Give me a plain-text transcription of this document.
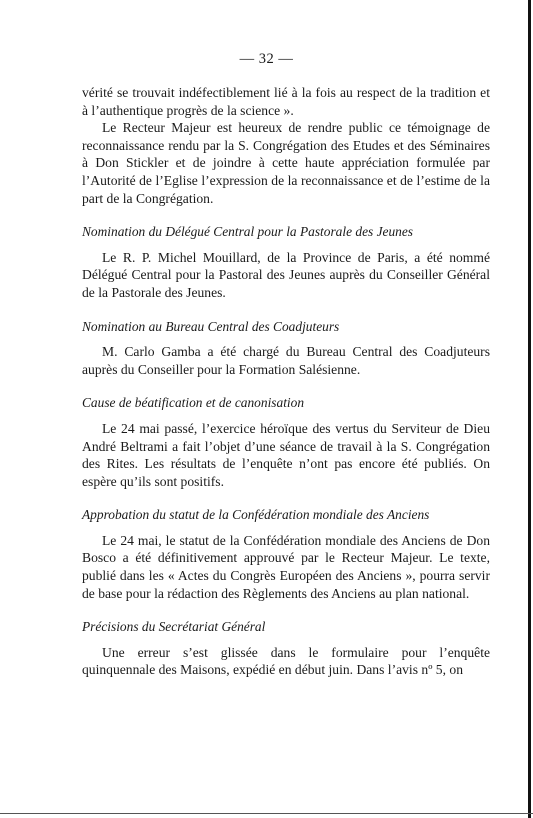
— 32 —

vérité se trouvait indéfectiblement lié à la fois au respect de la tradition et à l’authentique progrès de la science ».

Le Recteur Majeur est heureux de rendre public ce témoignage de reconnaissance rendu par la S. Congrégation des Etudes et des Séminaires à Don Stickler et de joindre à cette haute appréciation formulée par l’Autorité de l’Eglise l’expression de la reconnaissance et de l’estime de la part de la Congrégation.

Nomination du Délégué Central pour la Pastorale des Jeunes

Le R. P. Michel Mouillard, de la Province de Paris, a été nommé Délégué Central pour la Pastoral des Jeunes auprès du Conseiller Général de la Pastorale des Jeunes.

Nomination au Bureau Central des Coadjuteurs

M. Carlo Gamba a été chargé du Bureau Central des Coadjuteurs auprès du Conseiller pour la Formation Salésienne.

Cause de béatification et de canonisation

Le 24 mai passé, l’exercice héroïque des vertus du Serviteur de Dieu André Beltrami a fait l’objet d’une séance de travail à la S. Congrégation des Rites. Les résultats de l’enquête n’ont pas encore été publiés. On espère qu’ils sont positifs.

Approbation du statut de la Confédération mondiale des Anciens

Le 24 mai, le statut de la Confédération mondiale des Anciens de Don Bosco a été définitivement approuvé par le Recteur Majeur. Le texte, publié dans les « Actes du Congrès Européen des Anciens », pourra servir de base pour la rédaction des Règlements des Anciens au plan national.

Précisions du Secrétariat Général

Une erreur s’est glissée dans le formulaire pour l’enquête quinquennale des Maisons, expédié en début juin. Dans l’avis nº 5, on
